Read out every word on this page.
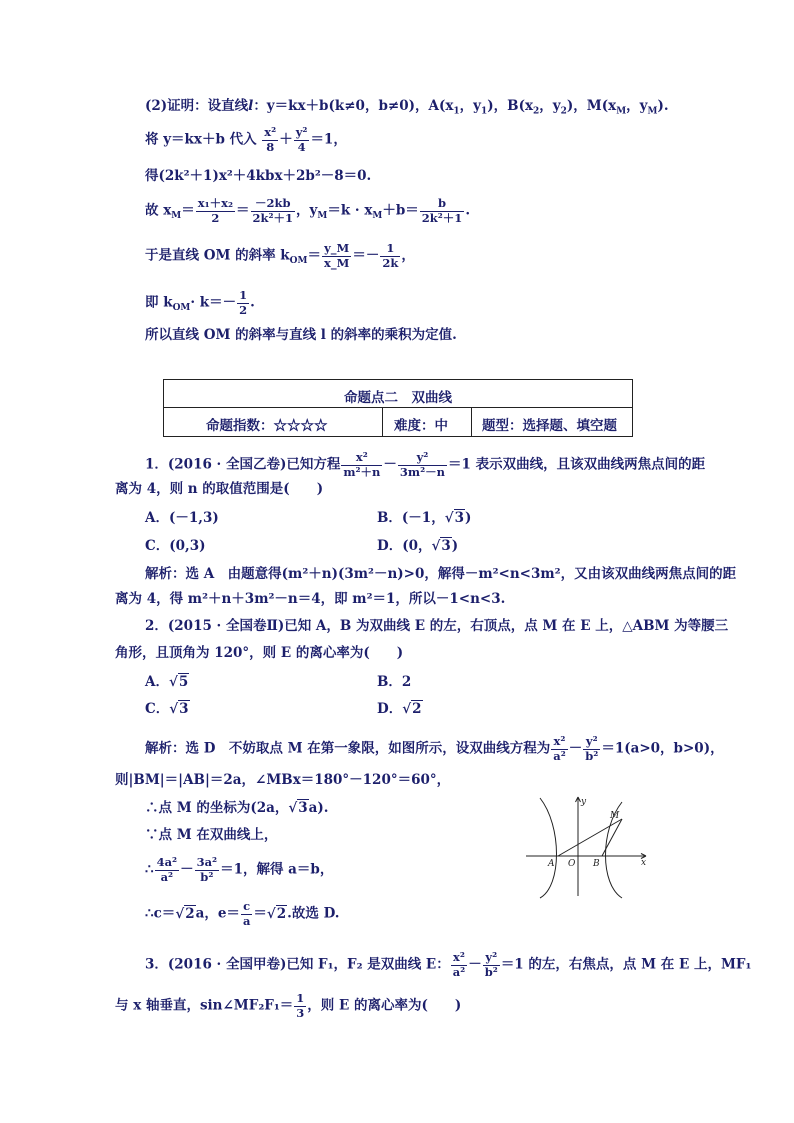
(2)证明：设直线l：y＝kx＋b(k≠0，b≠0)，$A(x_1$，$y_1$)，$B(x_2$，$y_2$)，$M(x_M$，$y_M$).
将 y＝kx＋b 代入 $\frac{\text{x²}}{8} + \frac{\text{y²}}{4} =1$，
得(2k²＋1)x²＋4kbx＋2b²－8＝0.
故 $x_M= \frac{\text{x₁＋x₂}}{2} = \frac{-2kb}{\text{2k²＋1}}$ ，$y_M=k \cdot x_M+b= \frac{b}{\text{2k²＋1}}$ .
于是直线 OM 的斜率 $k_{OM}= \frac{y\_M}{x\_M} =- \frac{1}{2k}$ ，
即 $k_{OM}\cdot k=- \frac{1}{2}$ .
所以直线 OM 的斜率与直线 l 的斜率的乘积为定值.
命题点二　双曲线
命题指数：☆☆☆☆	难度：中	题型：选择题、填空题
1．(2016 · 全国乙卷)已知方程 $\frac{\text{x²}}{\text{m²＋n}} - \frac{\text{y²}}{\text{3m²－n}} =1$ 表示双曲线，且该双曲线两焦点间的距
离为 4，则 n 的取值范围是(　　)
A．(－1,3)	B．(－1，√3)
C．(0,3)	D．(0，√3)
解析：选 A　由题意得(m²＋n)(3m²－n)>0，解得－m²<n<3m²，又由该双曲线两焦点间的距
离为 4，得 m²＋n＋3m²－n＝4，即 m²＝1，所以－1<n<3.
2．(2015 · 全国卷Ⅱ)已知 A，B 为双曲线 E 的左，右顶点，点 M 在 E 上，△ABM 为等腰三
角形，且顶角为 120°，则 E 的离心率为(　　)
A．√5	B．2
C．√3	D．√2
解析：选 D　不妨取点 M 在第一象限，如图所示，设双曲线方程为 $\frac{\text{x²}}{\text{a²}} - \frac{\text{y²}}{\text{b²}} =1(a>0$，b>0)，
则|BM|＝|AB|＝2a，∠MBx＝180°－120°＝60°，
∴点 M 的坐标为(2a，√3a).
∵点 M 在双曲线上，
∴ $\frac{\text{4a²}}{\text{a²}} - \frac{\text{3a²}}{\text{b²}} =1$，解得 a＝b，
∴c＝√2a，$e= \frac{c}{a} =√2$.故选 D.
y
x
A O B
M
3．(2016 · 全国甲卷)已知 F₁，F₂ 是双曲线 E： $\frac{\text{x²}}{\text{a²}} - \frac{\text{y²}}{\text{b²}} =1$ 的左，右焦点，点 M 在 E 上，MF₁
与 x 轴垂直，sin∠MF₂F₁＝ $\frac{1}{3}$ ，则 E 的离心率为(　　)
